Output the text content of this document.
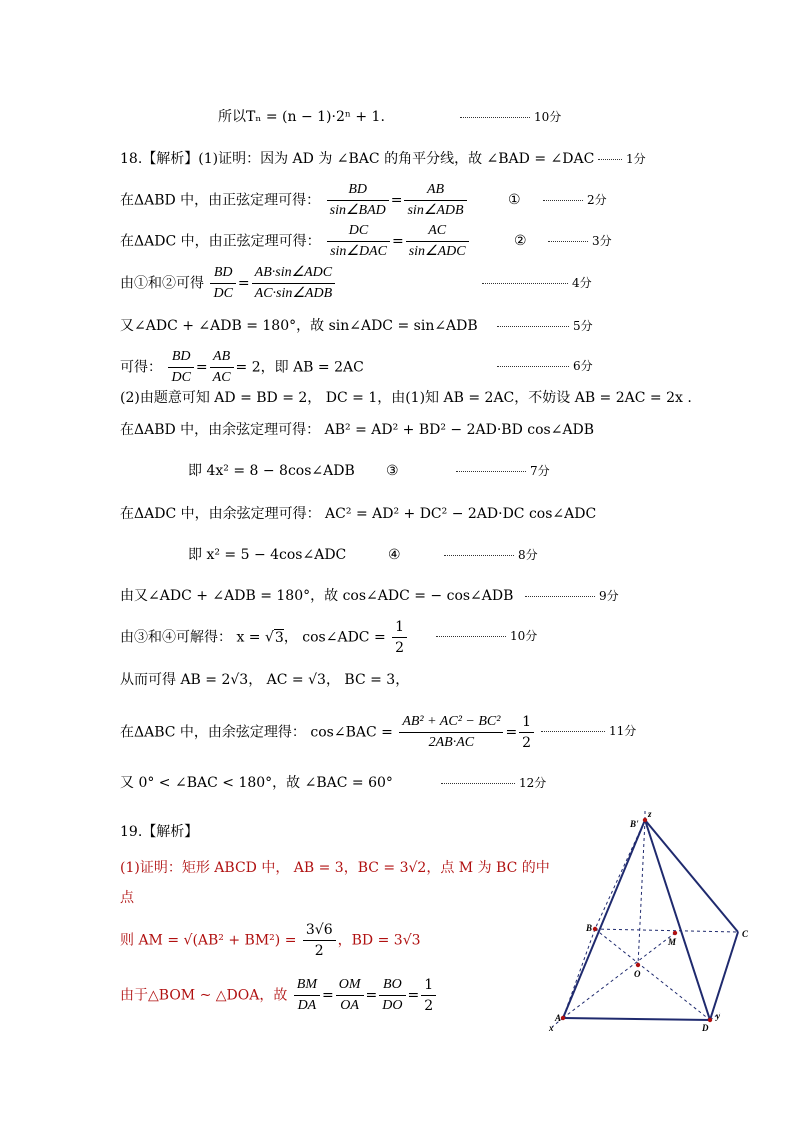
所以Tₙ = (n − 1)·2ⁿ + 1.	10分
18.【解析】(1)证明：因为 AD 为 ∠BAC 的角平分线，故 ∠BAD = ∠DAC	1分
在ΔABD 中，由正弦定理可得： $\frac{BD}{\text{sin∠BAD}} = \frac{AB}{\text{sin∠ADB}}$	①	2分
在ΔADC 中，由正弦定理可得： $\frac{DC}{\text{sin∠DAC}} = \frac{AC}{\text{sin∠ADC}}$	②	3分
由①和②可得 $\frac{BD}{DC} = \frac{\text{AB·sin∠ADC}}{\text{AC·sin∠ADB}}$	4分
又∠ADC + ∠ADB = 180°，故 sin∠ADC = sin∠ADB	5分
可得： $\frac{BD}{DC} = \frac{AB}{AC} = 2$，即 AB = 2AC	6分
(2)由题意可知 AD = BD = 2， DC = 1，由(1)知 AB = 2AC，不妨设 AB = 2AC = 2x .
在ΔABD 中，由余弦定理可得： AB² = AD² + BD² − 2AD·BD cos∠ADB
即 4x² = 8 − 8cos∠ADB ③	7分
在ΔADC 中，由余弦定理可得： AC² = AD² + DC² − 2AD·DC cos∠ADC
即 x² = 5 − 4cos∠ADC	④	8分
由又∠ADC + ∠ADB = 180°，故 cos∠ADC = − cos∠ADB	9分
由③和④可解得： x = √3， cos∠ADC = $\frac{1}{2}$	10分
从而可得 AB = 2√3， AC = √3， BC = 3，
在ΔABC 中，由余弦定理得： cos∠BAC = $\frac{\text{AB² + AC² − BC²}}{2AB\cdot AC} = \frac{1}{2}$	11分
又 0° < ∠BAC < 180°，故 ∠BAC = 60°	12分
19.【解析】
(1)证明：矩形 ABCD 中， AB = 3，BC = 3√2，点 M 为 BC 的中
点
则 AM = $√(AB^2 + BM^2) = \frac{3√6}{2}$ ，BD = 3√3
由于△BOM ~ △DOA，故 $\frac{BM}{DA} = \frac{OM}{OA} = \frac{BO}{DO} = \frac{1}{2}$
B'
z
B
M
C
O
A
D
x
y
